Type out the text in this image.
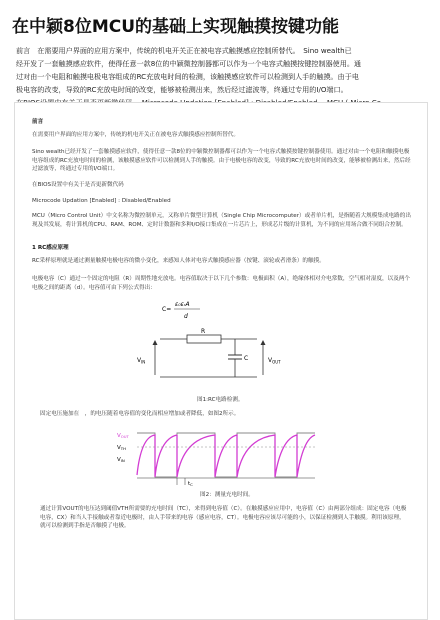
在中颖8位MCU的基础上实现触摸按键功能

前言　在需要用户界面的应用方案中，传统的机电开关正在被电容式触摸感应控制所替代。　Sino wealth已

经开发了一套触摸感应软件，使得任意一款8位的中颖微控制器都可以作为一个电容式触摸按键控制器使用。通

过对由一个电阻和触摸电极电容组成的RC充放电时间的检测，该触摸感应软件可以检测到人手的触摸。由于电

极电容的改变，导致的RC充放电时间的改变，能够被检测出来，然后经过滤波等，终通过专用的I/O端口。

前言

在需要用户界面的应用方案中，传统的机电开关正在被电容式触摸感应控制所替代。

Sino wealth已经开发了一套触摸感应软件，使得任意一款8位的中颖微控制器都可以作为一个电容式触摸按键控制器使用。通过对由一个电阻和触摸电极电容组成的RC充放电时间的检测，该触摸感应软件可以检测到人手的触摸。由于电极电容的改变，导致的RC充放电时间的改变，能够被检测出来，然后经过滤波等，终通过专用的I/O端口。

在BIOS设置中有关于是否更新微代码

Microcode Updation [Enabled] : Disabled/Enabled

MCU（Micro Control Unit）中文名称为微控制单元，又称单片微型计算机（Single Chip Microcomputer）或者单片机，是指随着大规模集成电路的出现及其发展，将计算机的CPU、RAM、ROM、定时计数器和多种I/O接口集成在一片芯片上，形成芯片级的计算机，为不同的应用场合做不同组合控制。

1 RC感应原理

RC采样原理就是通过测量触摸电极电容的微小变化，来感知人体对电容式触摸感应器（按键、滚轮或者滑条）的触摸。

电极电容（C）通过一个固定的电阻（R）周期性地充放电。电容值取决于以下几个参数：电极面积（A），绝缘体相对介电常数，空气相对湿度，以及两个电极之间的距离（d）。电容值可由下列公式得出：

ε₀εᵣA
C=
d
R
C
$V_{IN}$	$V_{OUT}$
图1:RC电路检测。

固定电压施加在　，的电压随着电容值的变化而相应增加或者降低，如图2所示。

$V_{OUT}$
$V_{TH}$
$V_{IN}$
$t_C$
图2：测量充电时间。

通过计算VOUT的电压达到阈值VTH所需要的充电时间（TC），来得到电容值（C）。在触摸感应应用中，电容值（C）由两部分组成：固定电容（电极电容，CX）和当人手接触或者靠近电极时，由人手带来的电容（感应电容，CT）。电极电容应该尽可能的小，以保证检测到人手触摸。利用该原理，就可以检测到手指是否触摸了电极。
